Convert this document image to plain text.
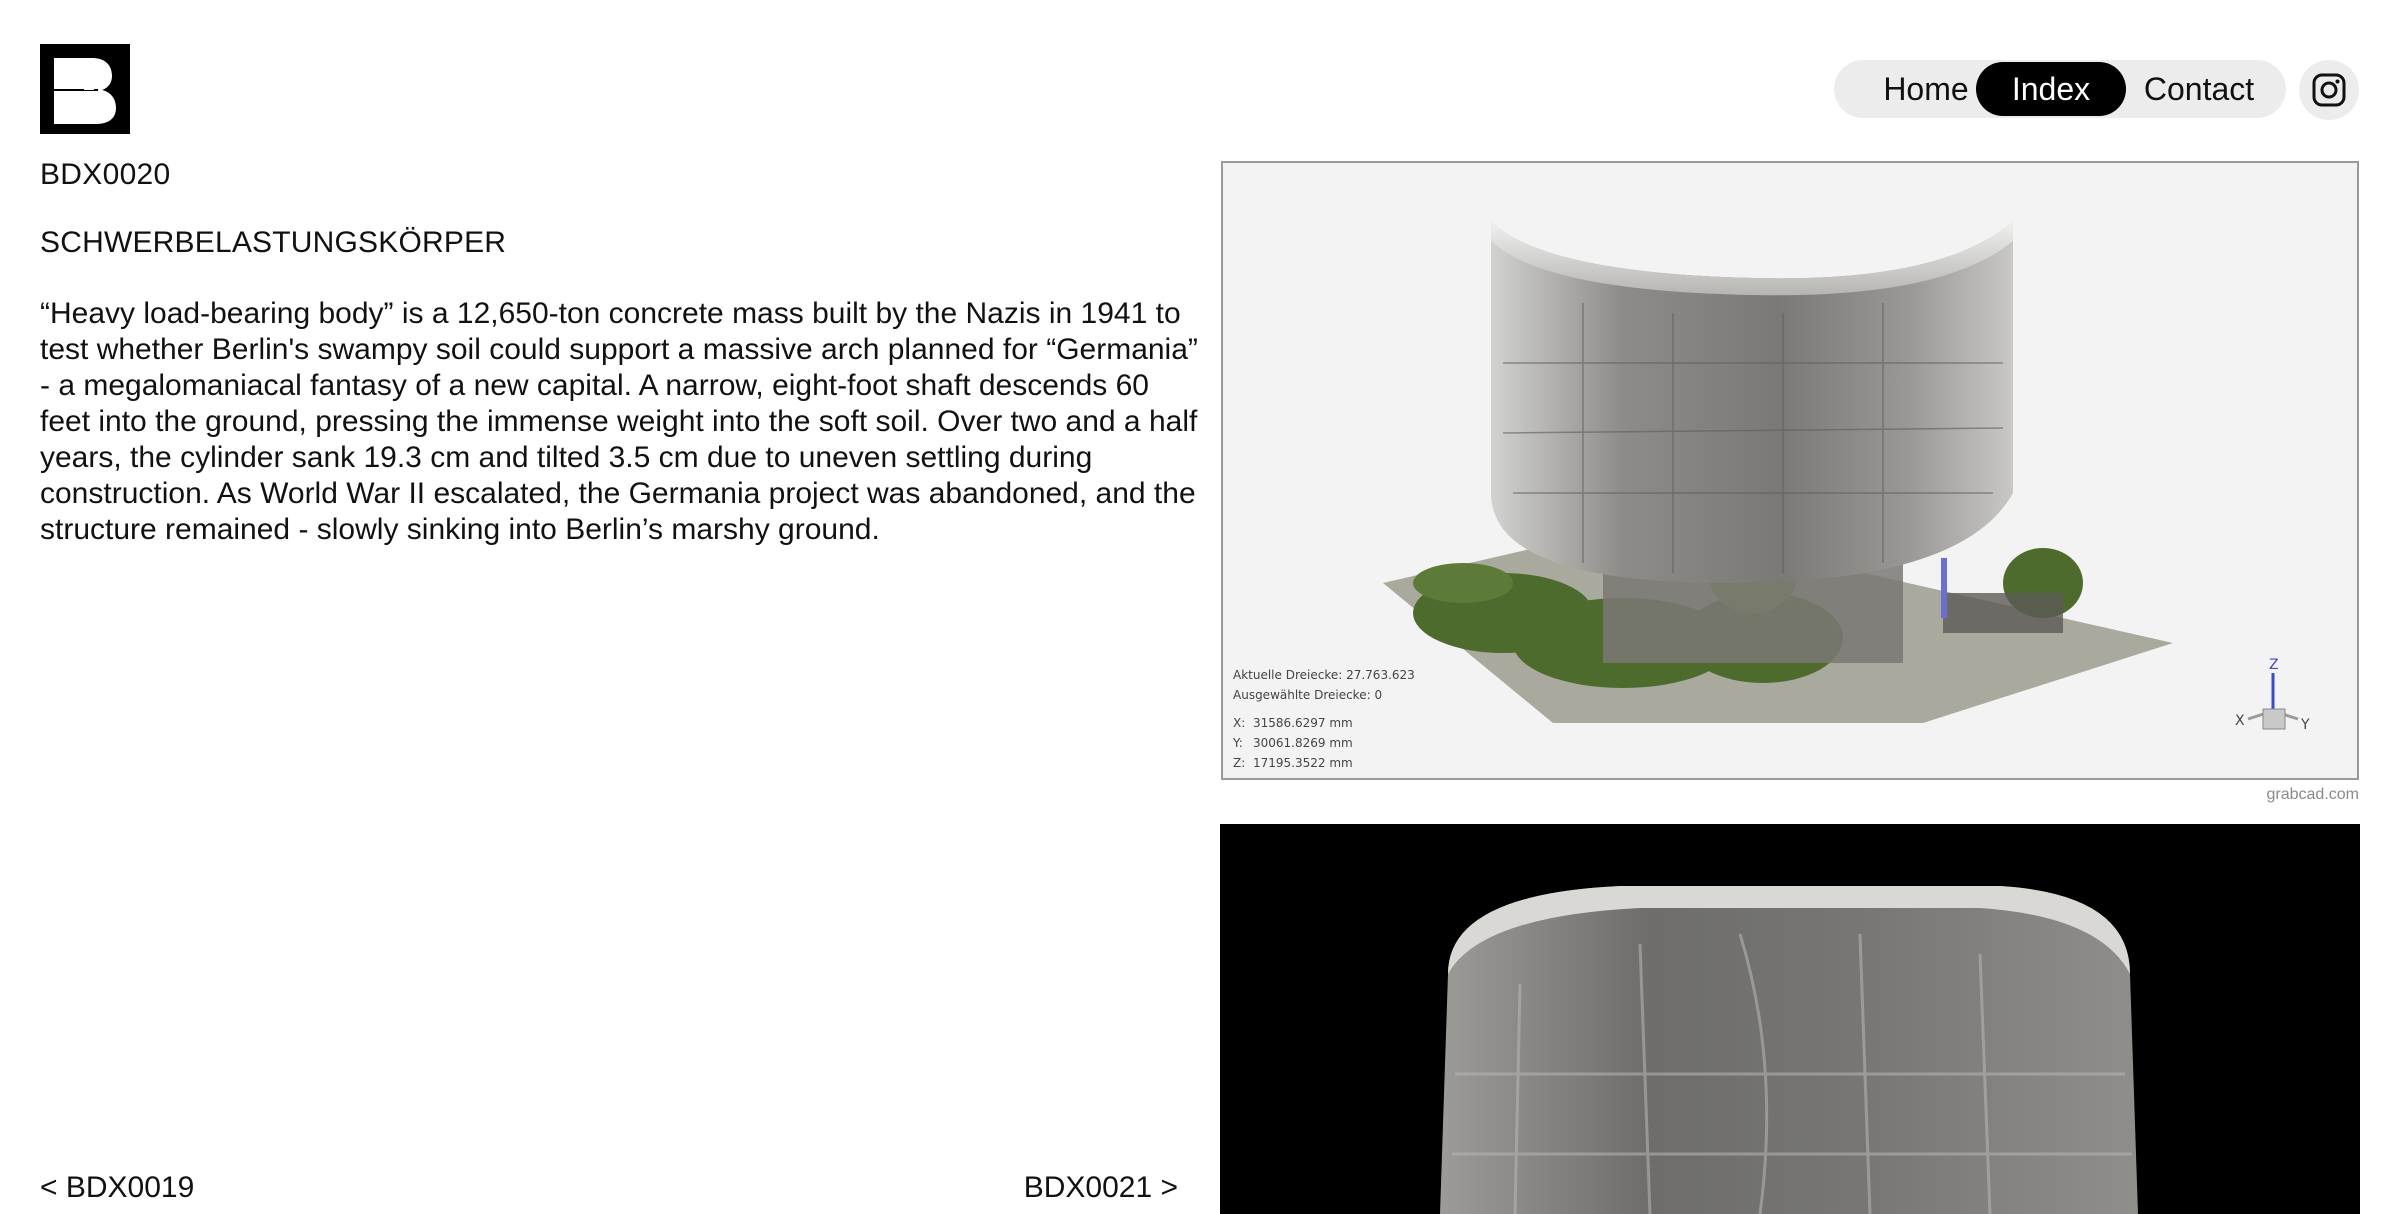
Home	Index	Contact
BDX0020
SCHWERBELASTUNGSKÖRPER

“Heavy load-bearing body” is a 12,650-ton concrete mass built by the Nazis in 1941 to test whether Berlin's swampy soil could support a massive arch planned for “Germania” - a megalomaniacal fantasy of a new capital. A narrow, eight-foot shaft descends 60 feet into the ground, pressing the immense weight into the soft soil. Over two and a half years, the cylinder sank 19.3 cm and tilted 3.5 cm due to uneven settling during construction. As World War II escalated, the Germania project was abandoned, and the structure remained - slowly sinking into Berlin’s marshy ground.

< BDX0019	BDX0021 >
Z
X	Y
Aktuelle Dreiecke: 27.763.623
Ausgewählte Dreiecke: 0
X: 31586.6297 mm
Y: 30061.8269 mm
Z: 17195.3522 mm
grabcad.com
